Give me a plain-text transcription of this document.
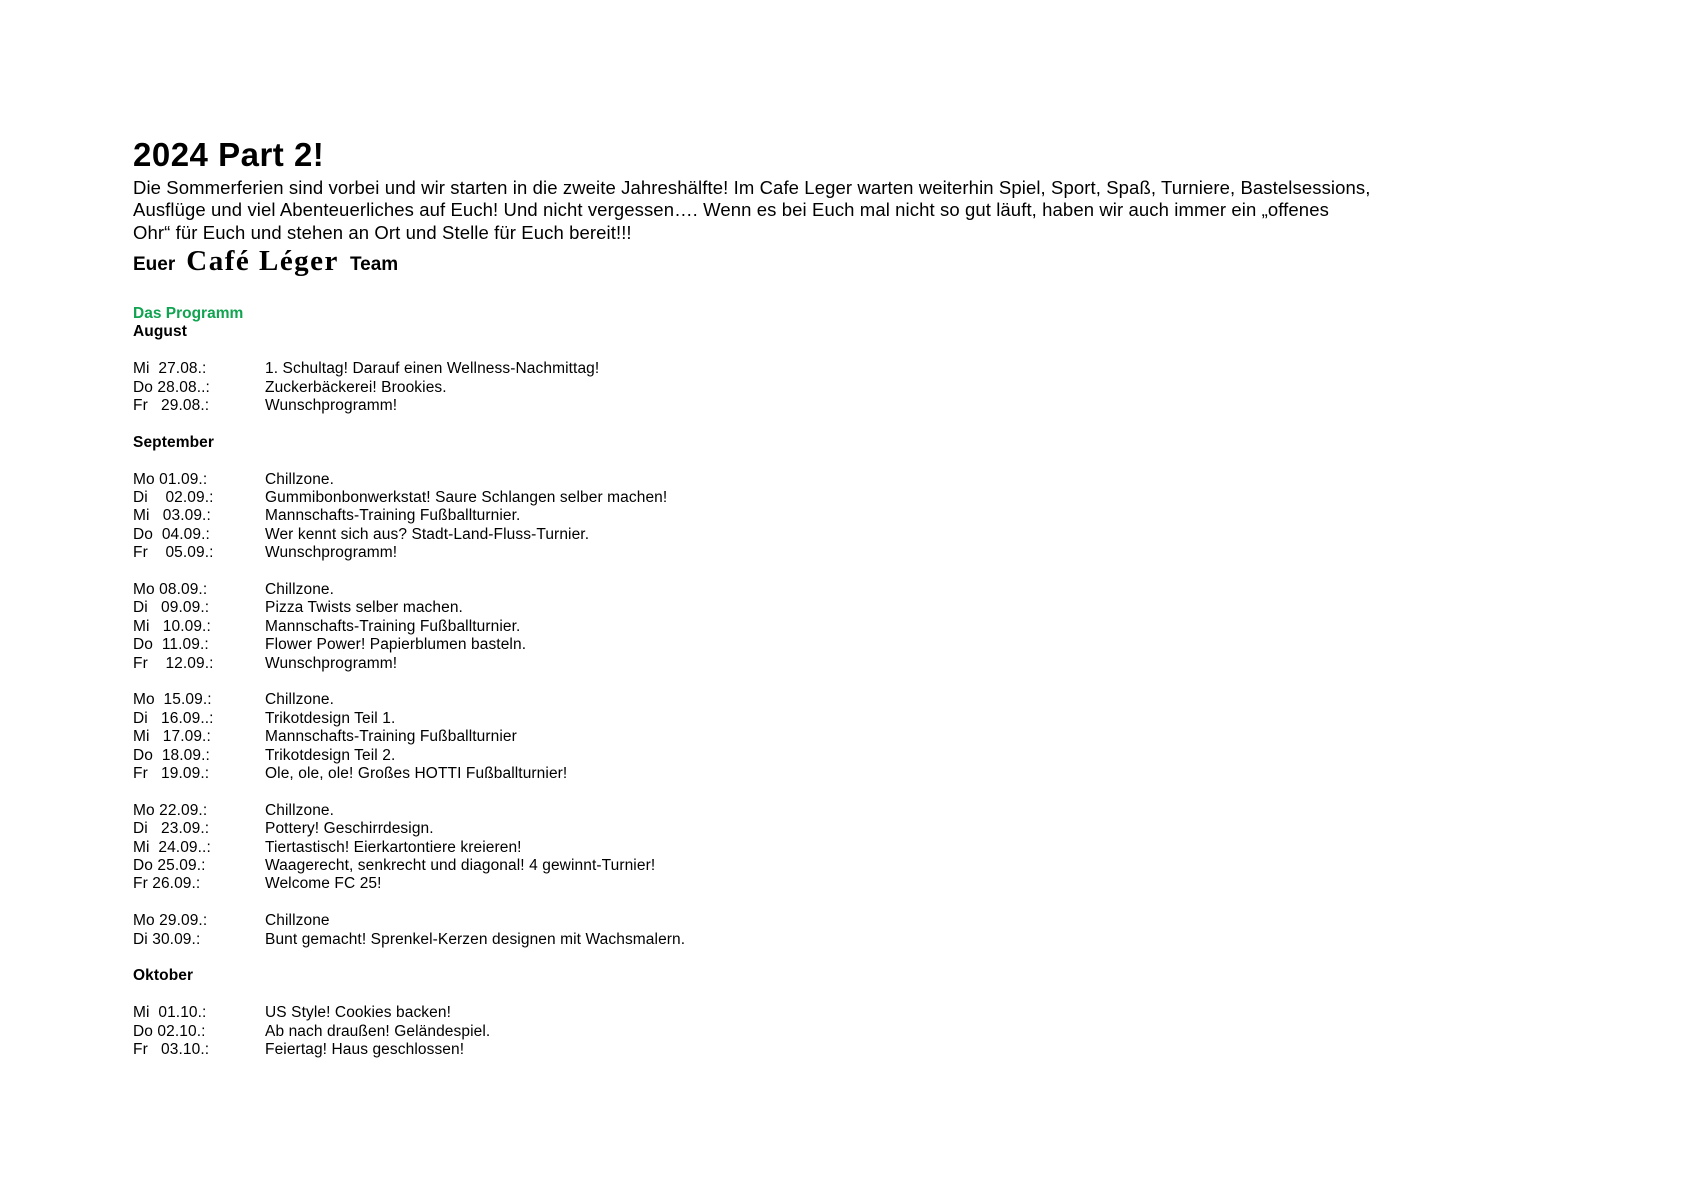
2024 Part 2!
Die Sommerferien sind vorbei und wir starten in die zweite Jahreshälfte! Im Cafe Leger warten weiterhin Spiel, Sport, Spaß, Turniere, Bastelsessions,
Ausflüge und viel Abenteuerliches auf Euch! Und nicht vergessen…. Wenn es bei Euch mal nicht so gut läuft, haben wir auch immer ein „offenes
Ohr“ für Euch und stehen an Ort und Stelle für Euch bereit!!!
Euer Café Léger Team
Das Programm
August
Mi  27.08.:	1. Schultag! Darauf einen Wellness-Nachmittag!
Do 28.08..:	Zuckerbäckerei! Brookies.
Fr   29.08.:	Wunschprogramm!
September
Mo 01.09.:	Chillzone.
Di    02.09.:	Gummibonbonwerkstat! Saure Schlangen selber machen!
Mi   03.09.:	Mannschafts-Training Fußballturnier.
Do  04.09.:	Wer kennt sich aus? Stadt-Land-Fluss-Turnier.
Fr    05.09.:	Wunschprogramm!
Mo 08.09.:	Chillzone.
Di   09.09.:	Pizza Twists selber machen.
Mi   10.09.:	Mannschafts-Training Fußballturnier.
Do  11.09.:	Flower Power! Papierblumen basteln.
Fr    12.09.:	Wunschprogramm!
Mo  15.09.:	Chillzone.
Di   16.09..:	Trikotdesign Teil 1.
Mi   17.09.:	Mannschafts-Training Fußballturnier
Do  18.09.:	Trikotdesign Teil 2.
Fr   19.09.:	Ole, ole, ole! Großes HOTTI Fußballturnier!
Mo 22.09.:	Chillzone.
Di   23.09.:	Pottery! Geschirrdesign.
Mi  24.09..:	Tiertastisch! Eierkartontiere kreieren!
Do 25.09.:	Waagerecht, senkrecht und diagonal! 4 gewinnt-Turnier!
Fr 26.09.:	Welcome FC 25!
Mo 29.09.:	Chillzone
Di 30.09.:	Bunt gemacht! Sprenkel-Kerzen designen mit Wachsmalern.
Oktober
Mi  01.10.:	US Style! Cookies backen!
Do 02.10.:	Ab nach draußen! Geländespiel.
Fr   03.10.:	Feiertag! Haus geschlossen!
